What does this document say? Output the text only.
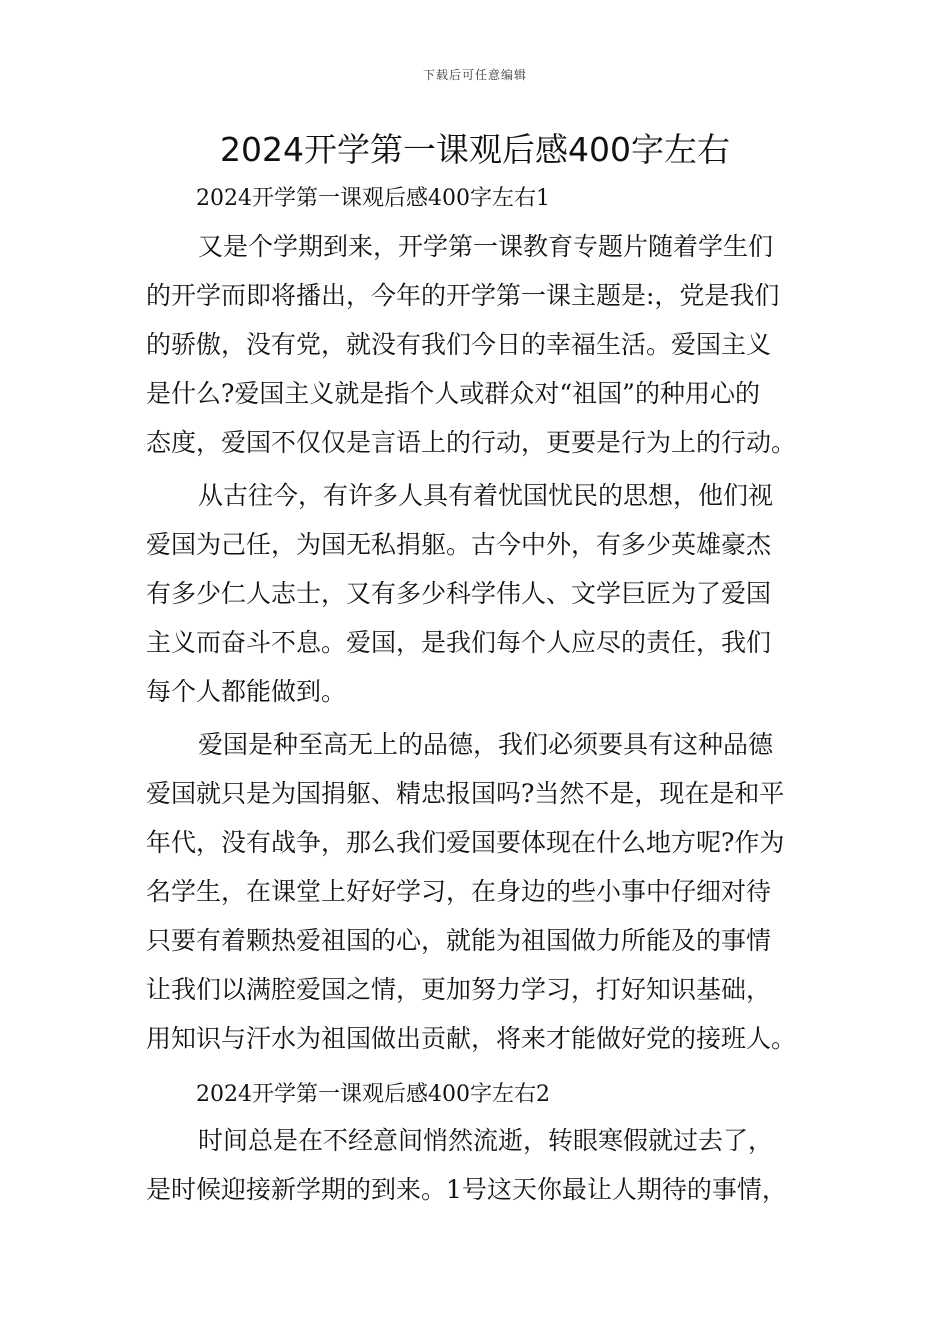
下载后可任意编辑
2024开学第一课观后感400字左右
2024开学第一课观后感400字左右1
又是个学期到来，开学第一课教育专题片随着学生们
的开学而即将播出，今年的开学第一课主题是:，党是我们
的骄傲，没有党，就没有我们今日的幸福生活。爱国主义
是什么?爱国主义就是指个人或群众对“祖国”的种用心的
态度，爱国不仅仅是言语上的行动，更要是行为上的行动。
从古往今，有许多人具有着忧国忧民的思想，他们视
爱国为己任，为国无私捐躯。古今中外，有多少英雄豪杰
有多少仁人志士，又有多少科学伟人、文学巨匠为了爱国
主义而奋斗不息。爱国，是我们每个人应尽的责任，我们
每个人都能做到。
爱国是种至高无上的品德，我们必须要具有这种品德
爱国就只是为国捐躯、精忠报国吗?当然不是，现在是和平
年代，没有战争，那么我们爱国要体现在什么地方呢?作为
名学生，在课堂上好好学习，在身边的些小事中仔细对待
只要有着颗热爱祖国的心，就能为祖国做力所能及的事情
让我们以满腔爱国之情，更加努力学习，打好知识基础，
用知识与汗水为祖国做出贡献，将来才能做好党的接班人。
2024开学第一课观后感400字左右2
时间总是在不经意间悄然流逝，转眼寒假就过去了，
是时候迎接新学期的到来。1号这天你最让人期待的事情，
